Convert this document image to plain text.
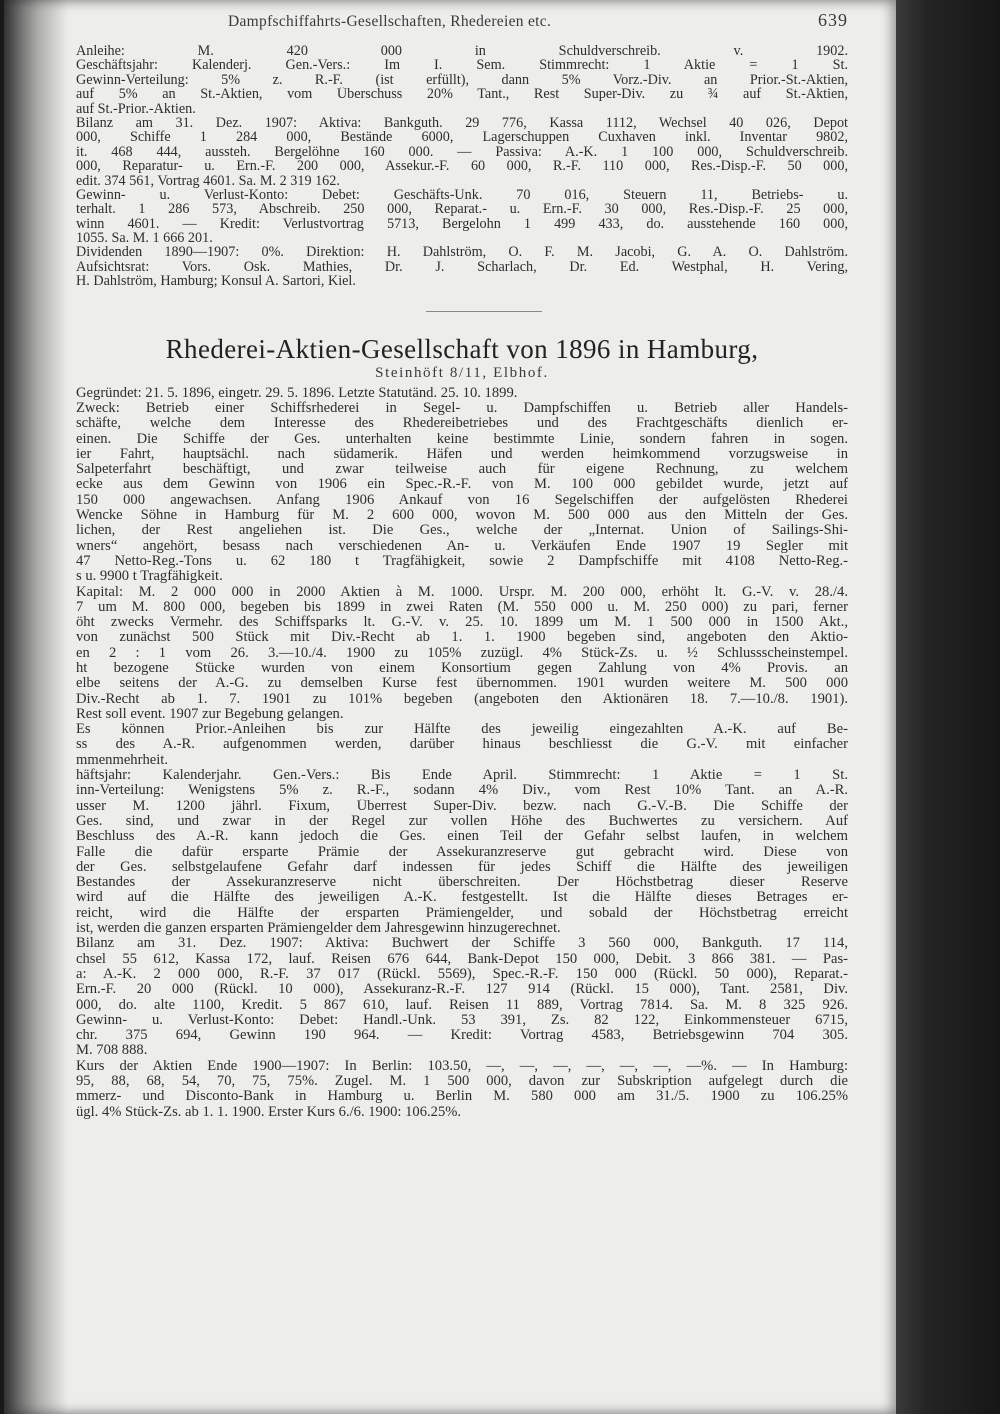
Dampfschiffahrts-Gesellschaften, Rhedereien etc.	639
Anleihe: M. 420 000 in Schuldverschreib. v. 1902.
Geschäftsjahr: Kalenderj. Gen.-Vers.: Im I. Sem. Stimmrecht: 1 Aktie = 1 St.
Gewinn-Verteilung: 5% z. R.-F. (ist erfüllt), dann 5% Vorz.-Div. an Prior.-St.-Aktien,
auf 5% an St.-Aktien, vom Überschuss 20% Tant., Rest Super-Div. zu ¾ auf St.-Aktien,
auf St.-Prior.-Aktien.
Bilanz am 31. Dez. 1907: Aktiva: Bankguth. 29 776, Kassa 1112, Wechsel 40 026, Depot
000, Schiffe 1 284 000, Bestände 6000, Lagerschuppen Cuxhaven inkl. Inventar 9802,
it. 468 444, aussteh. Bergelöhne 160 000. — Passiva: A.-K. 1 100 000, Schuldverschreib.
000, Reparatur- u. Ern.-F. 200 000, Assekur.-F. 60 000, R.-F. 110 000, Res.-Disp.-F. 50 000,
edit. 374 561, Vortrag 4601. Sa. M. 2 319 162.
Gewinn- u. Verlust-Konto: Debet: Geschäfts-Unk. 70 016, Steuern 11, Betriebs- u.
terhalt. 1 286 573, Abschreib. 250 000, Reparat.- u. Ern.-F. 30 000, Res.-Disp.-F. 25 000,
winn 4601. — Kredit: Verlustvortrag 5713, Bergelohn 1 499 433, do. ausstehende 160 000,
1055. Sa. M. 1 666 201.
Dividenden 1890—1907: 0%. Direktion: H. Dahlström, O. F. M. Jacobi, G. A. O. Dahlström.
Aufsichtsrat: Vors. Osk. Mathies, Dr. J. Scharlach, Dr. Ed. Westphal, H. Vering,
H. Dahlström, Hamburg; Konsul A. Sartori, Kiel.
Rhederei-Aktien-Gesellschaft von 1896 in Hamburg,
Steinhöft 8/11, Elbhof.
Gegründet: 21. 5. 1896, eingetr. 29. 5. 1896. Letzte Statutänd. 25. 10. 1899.
Zweck: Betrieb einer Schiffsrhederei in Segel- u. Dampfschiffen u. Betrieb aller Handels-
schäfte, welche dem Interesse des Rhedereibetriebes und des Frachtgeschäfts dienlich er-
einen. Die Schiffe der Ges. unterhalten keine bestimmte Linie, sondern fahren in sogen.
ier Fahrt, hauptsächl. nach südamerik. Häfen und werden heimkommend vorzugsweise in
Salpeterfahrt beschäftigt, und zwar teilweise auch für eigene Rechnung, zu welchem
ecke aus dem Gewinn von 1906 ein Spec.-R.-F. von M. 100 000 gebildet wurde, jetzt auf
150 000 angewachsen. Anfang 1906 Ankauf von 16 Segelschiffen der aufgelösten Rhederei
Wencke Söhne in Hamburg für M. 2 600 000, wovon M. 500 000 aus den Mitteln der Ges.
lichen, der Rest angeliehen ist. Die Ges., welche der „Internat. Union of Sailings-Shi-
wners“ angehört, besass nach verschiedenen An- u. Verkäufen Ende 1907 19 Segler mit
47 Netto-Reg.-Tons u. 62 180 t Tragfähigkeit, sowie 2 Dampfschiffe mit 4108 Netto-Reg.-
s u. 9900 t Tragfähigkeit.
Kapital: M. 2 000 000 in 2000 Aktien à M. 1000. Urspr. M. 200 000, erhöht lt. G.-V. v. 28./4.
7 um M. 800 000, begeben bis 1899 in zwei Raten (M. 550 000 u. M. 250 000) zu pari, ferner
öht zwecks Vermehr. des Schiffsparks lt. G.-V. v. 25. 10. 1899 um M. 1 500 000 in 1500 Akt.,
von zunächst 500 Stück mit Div.-Recht ab 1. 1. 1900 begeben sind, angeboten den Aktio-
en 2 : 1 vom 26. 3.—10./4. 1900 zu 105% zuzügl. 4% Stück-Zs. u. ½ Schlussscheinstempel.
ht bezogene Stücke wurden von einem Konsortium gegen Zahlung von 4% Provis. an
elbe seitens der A.-G. zu demselben Kurse fest übernommen. 1901 wurden weitere M. 500 000
Div.-Recht ab 1. 7. 1901 zu 101% begeben (angeboten den Aktionären 18. 7.—10./8. 1901).
Rest soll event. 1907 zur Begebung gelangen.
Es können Prior.-Anleihen bis zur Hälfte des jeweilig eingezahlten A.-K. auf Be-
ss des A.-R. aufgenommen werden, darüber hinaus beschliesst die G.-V. mit einfacher
mmenmehrheit.
häftsjahr: Kalenderjahr. Gen.-Vers.: Bis Ende April. Stimmrecht: 1 Aktie = 1 St.
inn-Verteilung: Wenigstens 5% z. R.-F., sodann 4% Div., vom Rest 10% Tant. an A.-R.
usser M. 1200 jährl. Fixum, Überrest Super-Div. bezw. nach G.-V.-B. Die Schiffe der
Ges. sind, und zwar in der Regel zur vollen Höhe des Buchwertes zu versichern. Auf
Beschluss des A.-R. kann jedoch die Ges. einen Teil der Gefahr selbst laufen, in welchem
Falle die dafür ersparte Prämie der Assekuranzreserve gut gebracht wird. Diese von
der Ges. selbstgelaufene Gefahr darf indessen für jedes Schiff die Hälfte des jeweiligen
Bestandes der Assekuranzreserve nicht überschreiten. Der Höchstbetrag dieser Reserve
wird auf die Hälfte des jeweiligen A.-K. festgestellt. Ist die Hälfte dieses Betrages er-
reicht, wird die Hälfte der ersparten Prämiengelder, und sobald der Höchstbetrag erreicht
ist, werden die ganzen ersparten Prämiengelder dem Jahresgewinn hinzugerechnet.
Bilanz am 31. Dez. 1907: Aktiva: Buchwert der Schiffe 3 560 000, Bankguth. 17 114,
chsel 55 612, Kassa 172, lauf. Reisen 676 644, Bank-Depot 150 000, Debit. 3 866 381. — Pas-
a: A.-K. 2 000 000, R.-F. 37 017 (Rückl. 5569), Spec.-R.-F. 150 000 (Rückl. 50 000), Reparat.-
Ern.-F. 20 000 (Rückl. 10 000), Assekuranz-R.-F. 127 914 (Rückl. 15 000), Tant. 2581, Div.
000, do. alte 1100, Kredit. 5 867 610, lauf. Reisen 11 889, Vortrag 7814. Sa. M. 8 325 926.
Gewinn- u. Verlust-Konto: Debet: Handl.-Unk. 53 391, Zs. 82 122, Einkommensteuer 6715,
chr. 375 694, Gewinn 190 964. — Kredit: Vortrag 4583, Betriebsgewinn 704 305.
M. 708 888.
Kurs der Aktien Ende 1900—1907: In Berlin: 103.50, —, —, —, —, —, —, —%. — In Hamburg:
95, 88, 68, 54, 70, 75, 75%. Zugel. M. 1 500 000, davon zur Subskription aufgelegt durch die
mmerz- und Disconto-Bank in Hamburg u. Berlin M. 580 000 am 31./5. 1900 zu 106.25%
ügl. 4% Stück-Zs. ab 1. 1. 1900. Erster Kurs 6./6. 1900: 106.25%.
